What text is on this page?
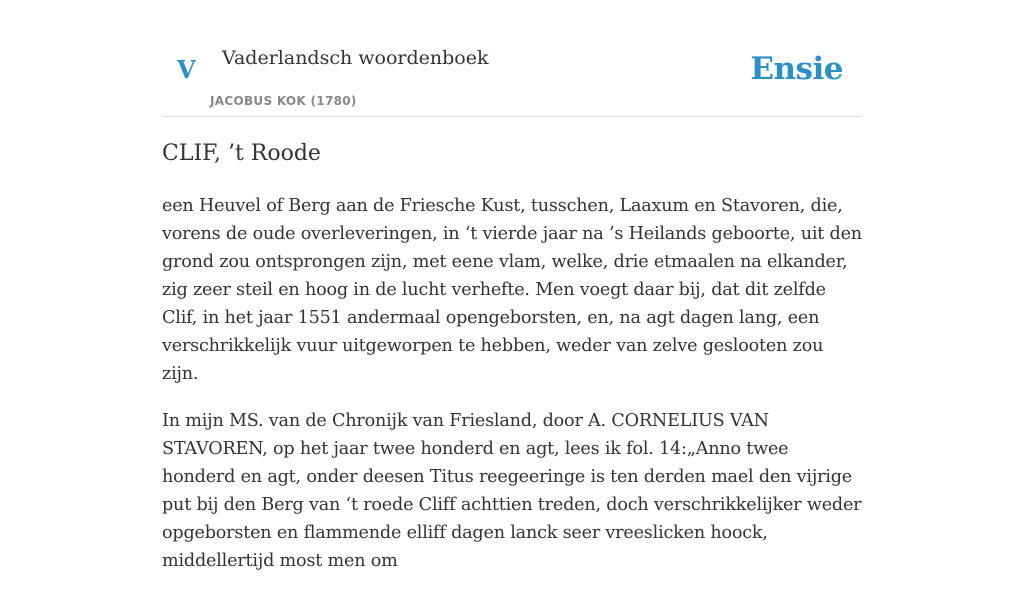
V Vaderlandsch woordenboek
JACOBUS KOK (1780)
Ensie
CLIF, ’t Roode

een Heuvel of Berg aan de Friesche Kust, tusschen, Laaxum en Stavoren, die, vorens de oude overleveringen, in ‘t vierde jaar na ’s Heilands geboorte, uit den grond zou ontsprongen zijn, met eene vlam, welke, drie etmaalen na elkander, zig zeer steil en hoog in de lucht verhefte. Men voegt daar bij, dat dit zelfde Clif, in het jaar 1551 andermaal opengeborsten, en, na agt dagen lang, een verschrikkelijk vuur uitgeworpen te hebben, weder van zelve geslooten zou zijn.

In mijn MS. van de Chronijk van Friesland, door A. CORNELIUS VAN STAVOREN, op het jaar twee honderd en agt, lees ik fol. 14:„Anno twee honderd en agt, onder deesen Titus reegeeringe is ten derden mael den vijrige put bij den Berg van ‘t roede Cliff achttien treden, doch verschrikkelijker weder opgeborsten en flammende elliff dagen lanck seer vreeslicken hoock, middellertijd most men om
